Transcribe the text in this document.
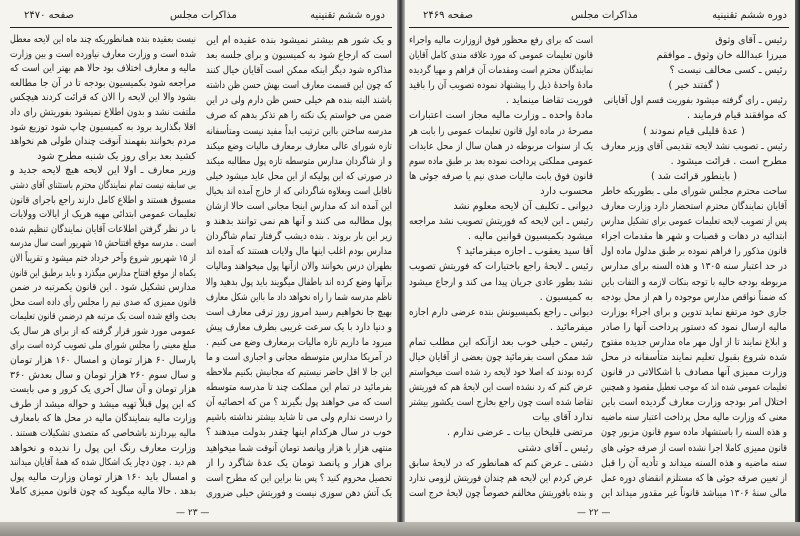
دوره ششم تقنینیه
مذاکرات مجلس
صفحه ۲۴۷۰
و یک شور هم بیشتر نمیشود بنده عقیده ام این
است که ارجاع شود به کمیسیون و برای جلسه بعد
مذاکره شود دیگر اینکه ممکن است آقایان خیال کنند
که چون این قسمت معارف است بهش حسن ظن داشته
باشند البته بنده هم خیلی حسن ظن دارم ولی در این
ضمن می خواستم یک نکته را هم تذکر بدهم که صرف
مدرسه ساختن بااین ترتیب ابداً مفید نیست ومتأسفانه
تازه شورای عالی معارف برمعارف مالیات وضع میکند
و از شاگردان مدارس متوسطه تازه پول مطالبه میکند
در صورتی که این پولیکه از این محل عاید میشود خیلی
ناقابل است وبعلاوه شاگردانی که از خارج آمده اند بخیال
این آمده اند که مدارس اینجا مجانی است حالا ازشان
پول مطالبه می کنند و آنها هم نمی توانند بدهند و
زیر این بار بروند . بنده دیشب گرفتار تمام شاگردان
مدارس بودم اغلب اینها مال ولایات هستند که آمده اند
بطهران درس بخوانند والان ازآنها پول میخواهند ومالیات
برآنها وضع کرده اند باطفال میگویند باید پول بدهید والا
ناظم مدرسه شما را راه نخواهد داد ما بااین شکل معارف
بهیچ جا نخواهیم رسید امروز روز ترقی معارف است
و دنیا دارد با یک سرعت غریبی بطرف معارف پیش
میرود ما داریم تازه مالیات برمعارف وضع می کنیم .
در آمریکا مدارس متوسطه مجانی و اجباری است و ما
این جا لا اقل حاضر نیستیم که مجانیش بکنیم ملاحظه
بفرمائید در تمام این مملکت چند تا مدرسه متوسطه
است که می خواهند پول بگیرند ؟ من که احصائیه آن
را درست ندارم ولی می تا شاید بیشتر نداشته باشیم
خوب در سال هرکدام اینها چقدر بدولت میدهند ؟
منتهی هزار یا هزار وپانصد تومان آنوقت شما میخواهید
برای هزار و پانصد تومان یک عدهٔ شاگرد را از
تحصیل محروم کنید ؟ پس بنا براین این که مطرح است
یک آتش دهن سوزی نیست و فوریتش خیلی ضروری
نیست بعقیده بنده همانطوریکه چند ماه این لایحه معطل
شده است و وزارت معارف نیاورده است و بین وزارت
مالیه و معارف اختلاف بود حالا هم بهتر این است که
مراجعه شود بکمیسیون بودجه تا در آن جا مطالعه
بشود والا این لایحه را الان که قرائت کردند هیچکس
ملتفت نشد و بدون اطلاع نمیشود بفوریتش رای داد
اقلا بگذارید برود به کمیسیون چاپ شود توزیع شود
مردم بخوانند بفهمند آنوقت چندان طولی هم نخواهد
کشید بعد برای روز یک شنبه مطرح شود
وزیر معارف ـ اولا این لایحه هیچ لایحه جدید و
بی سابقه نیست تمام نمایندگان محترم باستثنای آقای دشتی
مسبوق هستند و اطلاع کامل دارند راجع باجرای قانون
تعلیمات عمومی ابتدائی مهیه هریک از ایالات وولایات
با در نظر گرفتن اطلاعات آقایان نمایندگان تنظیم شده
است . مدرسه موقع افتتاحش ۱۵ شهریور است سال مدرسه
از ۱۵ شهریور شروع وآخر خرداد ختم میشود و تقریباً الان
یکماه از موقع افتتاح مدارس میگذرد و باید برطبق این قانون
مدارس تشکیل شود . این قانون یکمرتبه در ضمن
قانون ممیزی که صدی نیم را مجلس رأی داده است محل
بحث واقع شده است یک مرتبه هم درضمن قانون تعلیمات
عمومی مورد شور قرار گرفته که از برای هر سال یک
مبلغ معینی را مجلس شورای ملی تصویب کرده است برای
پارسال ۶۰ هزار تومان و امسال ۱۶۰ هزار تومان
و سال سوم ۲۶۰ هزار تومان و سال بعدش ۳۶۰
هزار تومان و آن سال آخری یک کرور و می بایست
که این پول قبلاً تهیه میشد و حواله میشد از طرف
وزارت مالیه بنمایندگان مالیه در محل ها که بامعارف
مالیه بپردازند باشخاصی که متصدی تشکیلات هستند .
وزارت معارف رنگ این پول را ندیده و نخواهد
هم دید . چون دچار یک اشکال شده که همهٔ آقایان میدانند
و امسال باید ۱۶۰ هزار تومان وزارت مالیه پول
بدهد . حالا مالیه میگوید که چون قانون ممیزی کاملا
— ۲۳ —
دوره ششم تقنینیه
مذاکرات مجلس
صفحه ۲۴۶۹
رئیس ـ آقای وثوق
میرزا عبدالله خان وثوق ـ موافقم
رئیس ـ کسی مخالف نیست ؟
( گفتند خیر )
رئیس ـ رای گرفته میشود بفوریت قسم اول آقایانی
که موافقند قیام فرمایند .
( عدهٔ قلیلی قیام نمودند )
رئیس ـ تصویب نشد لایحه تقدیمی آقای وزیر معارف
مطرح است . قرائت میشود .
( باینطور قرائت شد )
ساحت محترم مجلس شورای ملی ـ بطوریکه خاطر
آقایان نمایندگان محترم استحضار دارد وزارت معارف
پس از تصویب لایحه تعلیمات عمومی برای تشکیل مدارس
ابتدائیه در دهات و قصبات و شهر ها مقدمات اجراء
قانون مذکور را فراهم نموده بر طبق مدلول ماده اول
در حد اعتبار سنه ۱۳۰۵ و هذه السنه برای مدارس
مربوطه بودجه حالیه با توجه بنکات لازمه و التفات باین
که ضمناً نواقص مدارس موجوده را هم از محل بودجه
جاری خود مرتفع نماید تدوین و برای اجراء بوزارت
مالیه ارسال نمود که دستور پرداخت آنها را صادر
و ابلاغ نمایند تا از اول مهر ماه مدارس جدیده مفتوح
شده شروع بقبول تعلیم نمایند متأسفانه در محل
وزارت ممیزی آنها مصادف با اشکالاتی در قانون
تعلیمات عمومی شده اند که موجب تعطیل مقصود و همچنین
اختلال امر بودجه وزارت معارف گردیده است باین
معنی که وزارت مالیه محل پرداخت اعتبار سنه ماضیه
و هذه السنه را باستشهاد ماده سوم قانون مزبور چون
قانون ممیزی کاملا اجرا نشده است از صرفه جوئی های
سنه ماضیه و هذه السنه میداند و تأدیه آن را قبل
از تعیین صرفه جوئی ها که مستلزم انقضای دوره عمل
مالی سنهٔ ۱۳۰۶ میباشد قانوناً غیر مقدور میداند این
است که برای رفع محظور فوق ازوزارت مالیه واجراء
قانون تعلیمات عمومی که مورد علاقه مندی کامل آقایان
نمایندگان محترم است ومقدمات آن فراهم و مهیا گردیده
مادهٔ واحدهٔ ذیل را پیشنهاد نموده تصویب آن را باقید
فوریت تقاضا مینماید .
مادهٔ واحده ـ وزارت مالیه مجاز است اعتبارات
مصرحهٔ در ماده اول قانون تعلیمات عمومی را بابت هر
یک از سنوات مربوطه در همان سال از محل عایدات
عمومی مملکتی پرداخت نموده بعد بر طبق ماده سوم
قانون فوق بابت مالیات صدی نیم یا صرفه جوئی ها
محسوب دارد
دیوانی ـ تکلیف آن لایحه معلوم نشد
رئیس ـ این لایحه که فوریتش تصویب نشد مراجعه
میشود بکمیسیون قوانین مالیه .
آقا سید یعقوب ـ اجازه میفرمائید ؟
رئیس ـ لایحهٔ راجع باختیارات که فوریتش تصویب
نشد بطور عادی جریان پیدا می کند و ارجاع میشود
به کمیسیون .
دیوانی ـ راجع بکمیسیونش بنده عرضی دارم اجازه
میفرمائید .
رئیس ـ خیلی خوب بعد ازآنکه این مطلب تمام
شد ممکن است بفرمائید چون بعضی از آقایان خیال
کرده بودند که اصلا خود لایحه رد شده است میخواستم
عرض کنم که رد نشده است این لایحهٔ هم که فوریتش
تقاضا شده است چون راجع بخارج است یکشور بیشتر
ندارد آقای بیات
مرتضی قلیخان بیات ـ عرضی ندارم .
رئیس ـ آقای دشتی
دشتی ـ عرض کنم که همانطور که در لایحهٔ سابق
عرض کردم این لایحه هم چندان فوریتش لزومی ندارد
و بنده بافوریتش مخالفم خصوصاً چون لایحهٔ خرج است
— ۲۲ —
